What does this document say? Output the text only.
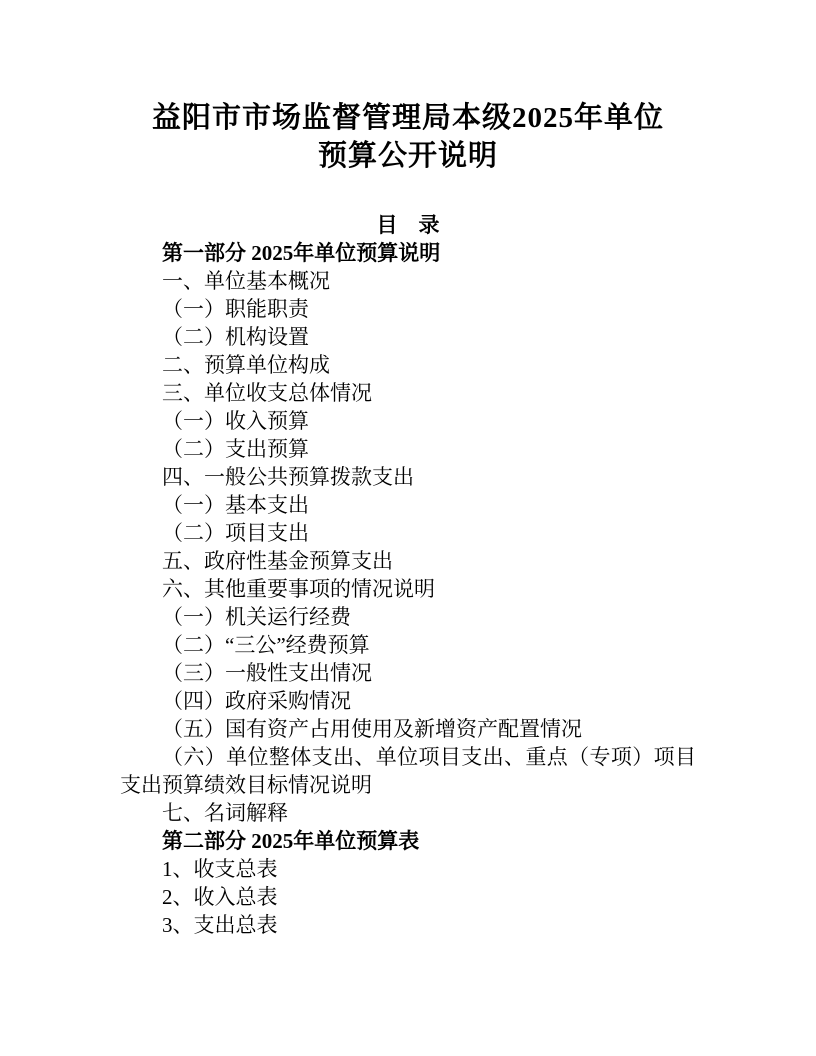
益阳市市场监督管理局本级2025年单位
预算公开说明
目　录

第一部分 2025年单位预算说明

一、单位基本概况

（一）职能职责

（二）机构设置

二、预算单位构成

三、单位收支总体情况

（一）收入预算

（二）支出预算

四、一般公共预算拨款支出

（一）基本支出

（二）项目支出

五、政府性基金预算支出

六、其他重要事项的情况说明

（一）机关运行经费

（二）“三公”经费预算

（三）一般性支出情况

（四）政府采购情况

（五）国有资产占用使用及新增资产配置情况

（六）单位整体支出、单位项目支出、重点（专项）项目支出预算绩效目标情况说明

七、名词解释

第二部分 2025年单位预算表

1、收支总表

2、收入总表

3、支出总表
